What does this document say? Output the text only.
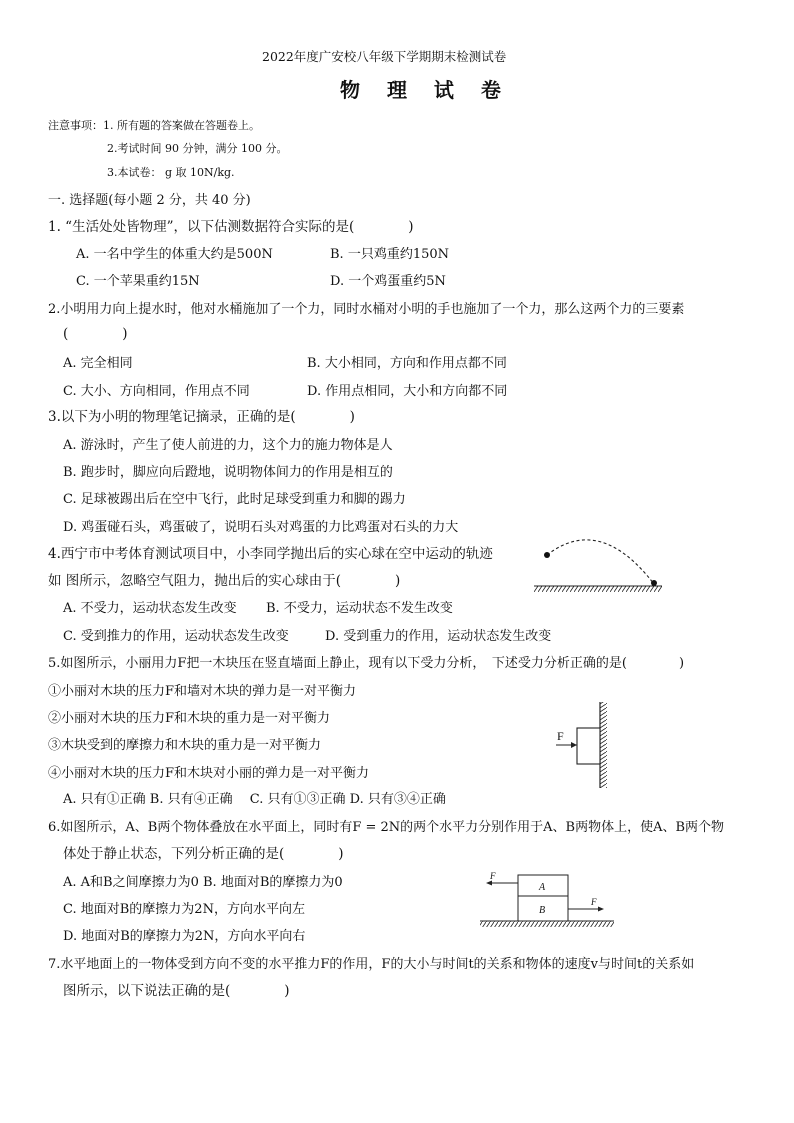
2022年度广安校八年级下学期期末检测试卷
物 理 试 卷
注意事项：1. 所有题的答案做在答题卷上。
2.考试时间 90 分钟，满分 100 分。
3.本试卷： g 取 10N/kg.
一. 选择题(每小题 2 分，共 40 分)
1. “生活处处皆物理”，以下估测数据符合实际的是(　　　　)
A. 一名中学生的体重大约是500N	B. 一只鸡重约150N
C. 一个苹果重约15N	D. 一个鸡蛋重约5N
2.小明用力向上提水时，他对水桶施加了一个力，同时水桶对小明的手也施加了一个力，那么这两个力的三要素
(　　　　)
A. 完全相同	B. 大小相同，方向和作用点都不同
C. 大小、方向相同，作用点不同	D. 作用点相同，大小和方向都不同
3.以下为小明的物理笔记摘录，正确的是(　　　　)
A. 游泳时，产生了使人前进的力，这个力的施力物体是人
B. 跑步时，脚应向后蹬地，说明物体间力的作用是相互的
C. 足球被踢出后在空中飞行，此时足球受到重力和脚的踢力
D. 鸡蛋碰石头，鸡蛋破了，说明石头对鸡蛋的力比鸡蛋对石头的力大
4.西宁市中考体育测试项目中，小李同学抛出后的实心球在空中运动的轨迹
如 图所示，忽略空气阻力，抛出后的实心球由于(　　　　)
A. 不受力，运动状态发生改变 B. 不受力，运动状态不发生改变
C. 受到推力的作用，运动状态发生改变	D. 受到重力的作用，运动状态发生改变
5.如图所示，小丽用力F把一木块压在竖直墙面上静止，现有以下受力分析，　下述受力分析正确的是(　　　　)
①小丽对木块的压力F和墙对木块的弹力是一对平衡力
②小丽对木块的压力F和木块的重力是一对平衡力
③木块受到的摩擦力和木块的重力是一对平衡力
④小丽对木块的压力F和木块对小丽的弹力是一对平衡力
F
A. 只有①正确 B. 只有④正确　 C. 只有①③正确 D. 只有③④正确
6.如图所示，A、B两个物体叠放在水平面上，同时有F = 2N的两个水平力分别作用于A、B两物体上，使A、B两个物
体处于静止状态，下列分析正确的是(　　　　)
A. A和B之间摩擦力为0 B. 地面对B的摩擦力为0
C. 地面对B的摩擦力为2N，方向水平向左
D. 地面对B的摩擦力为2N，方向水平向右
A
B
F
F
7.水平地面上的一物体受到方向不变的水平推力F的作用，F的大小与时间t的关系和物体的速度v与时间t的关系如
图所示，以下说法正确的是(　　　　)
